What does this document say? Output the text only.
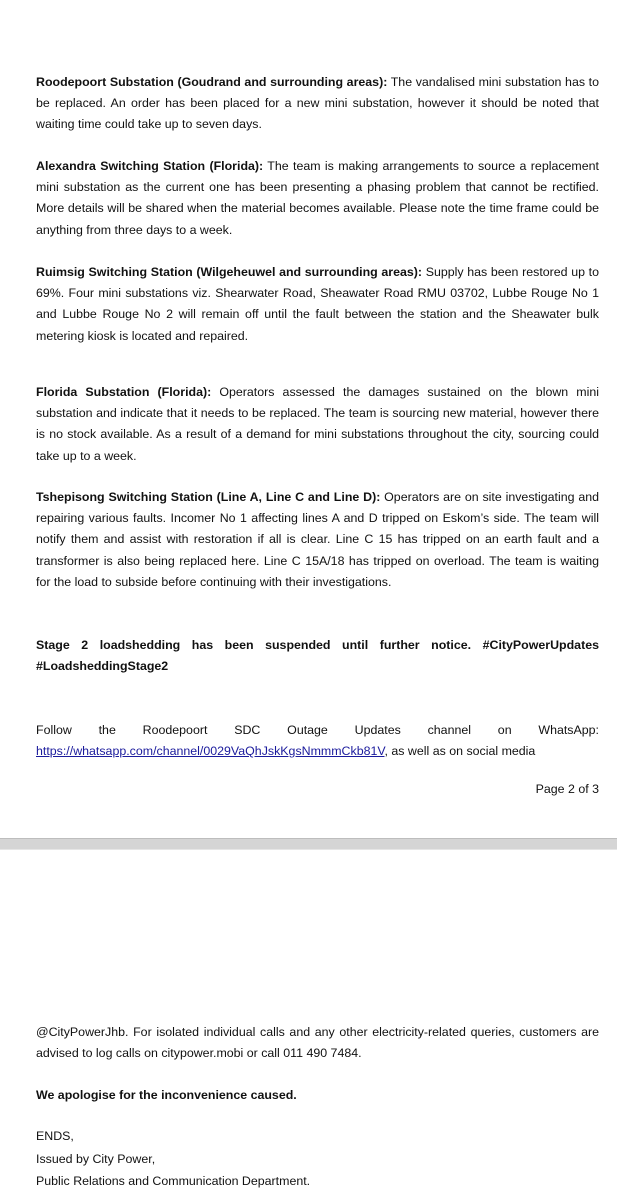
Roodepoort Substation (Goudrand and surrounding areas): The vandalised mini substation has to be replaced. An order has been placed for a new mini substation, however it should be noted that waiting time could take up to seven days.

Alexandra Switching Station (Florida): The team is making arrangements to source a replacement mini substation as the current one has been presenting a phasing problem that cannot be rectified. More details will be shared when the material becomes available. Please note the time frame could be anything from three days to a week.

Ruimsig Switching Station (Wilgeheuwel and surrounding areas): Supply has been restored up to 69%. Four mini substations viz. Shearwater Road, Sheawater Road RMU 03702, Lubbe Rouge No 1 and Lubbe Rouge No 2 will remain off until the fault between the station and the Sheawater bulk metering kiosk is located and repaired.

Florida Substation (Florida): Operators assessed the damages sustained on the blown mini substation and indicate that it needs to be replaced. The team is sourcing new material, however there is no stock available. As a result of a demand for mini substations throughout the city, sourcing could take up to a week.

Tshepisong Switching Station (Line A, Line C and Line D): Operators are on site investigating and repairing various faults. Incomer No 1 affecting lines A and D tripped on Eskom’s side. The team will notify them and assist with restoration if all is clear. Line C 15 has tripped on an earth fault and a transformer is also being replaced here. Line C 15A/18 has tripped on overload. The team is waiting for the load to subside before continuing with their investigations.

Stage 2 loadshedding has been suspended until further notice. #CityPowerUpdates #LoadsheddingStage2

Follow the Roodepoort SDC Outage Updates channel on WhatsApp: https://whatsapp.com/channel/0029VaQhJskKgsNmmmCkb81V, as well as on social media

Page 2 of 3

@CityPowerJhb. For isolated individual calls and any other electricity-related queries, customers are advised to log calls on citypower.mobi or call 011 490 7484.

We apologise for the inconvenience caused.

ENDS,

Issued by City Power,

Public Relations and Communication Department.
